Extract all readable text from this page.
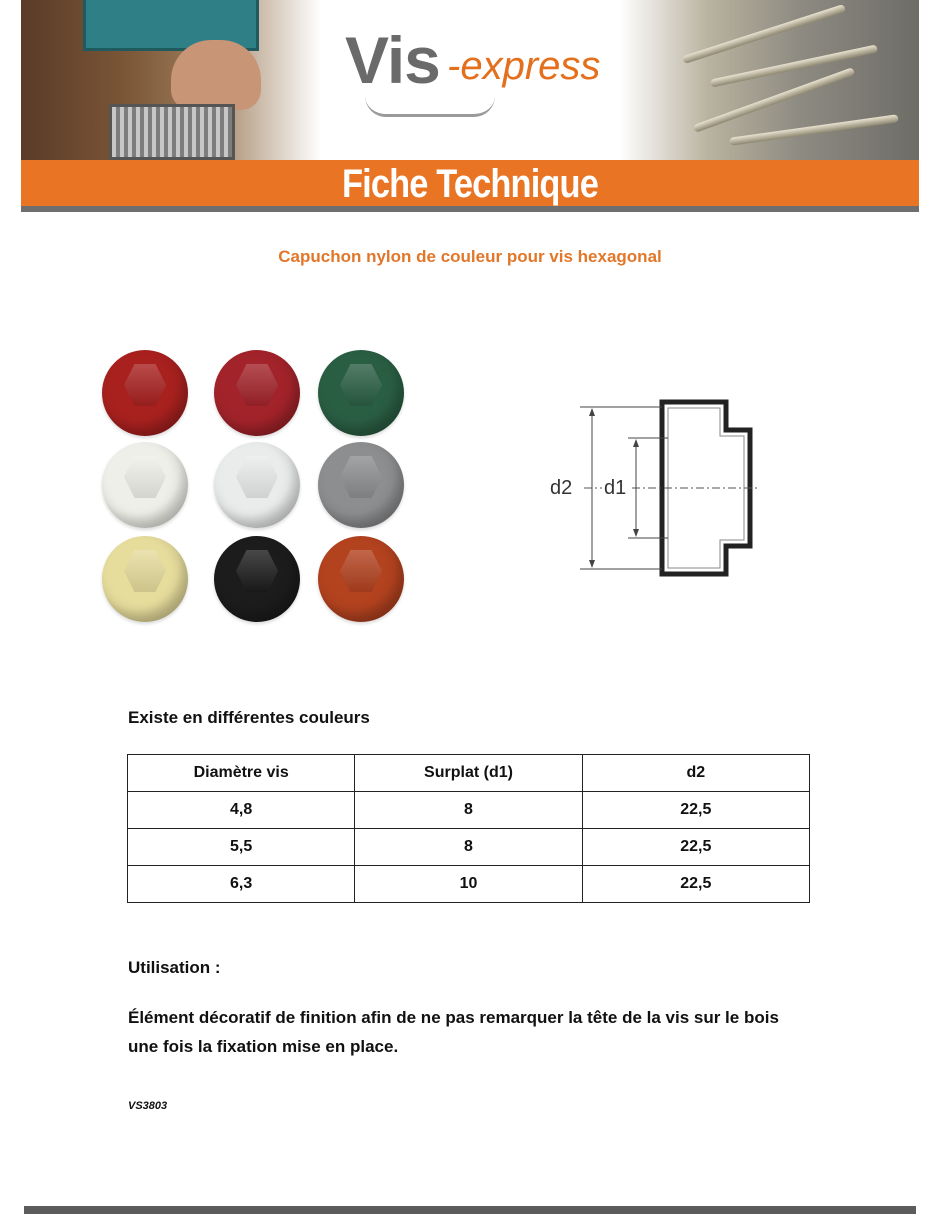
Vis -express
Fiche Technique
Capuchon nylon de couleur pour vis hexagonal
d2 d1
Existe en différentes couleurs
Diamètre vis	Surplat (d1)	d2
4,8	8	22,5
5,5	8	22,5
6,3	10	22,5
Utilisation :
Élément décoratif de finition afin de ne pas remarquer la tête de la vis sur le bois une fois la fixation mise en place.
VS3803
